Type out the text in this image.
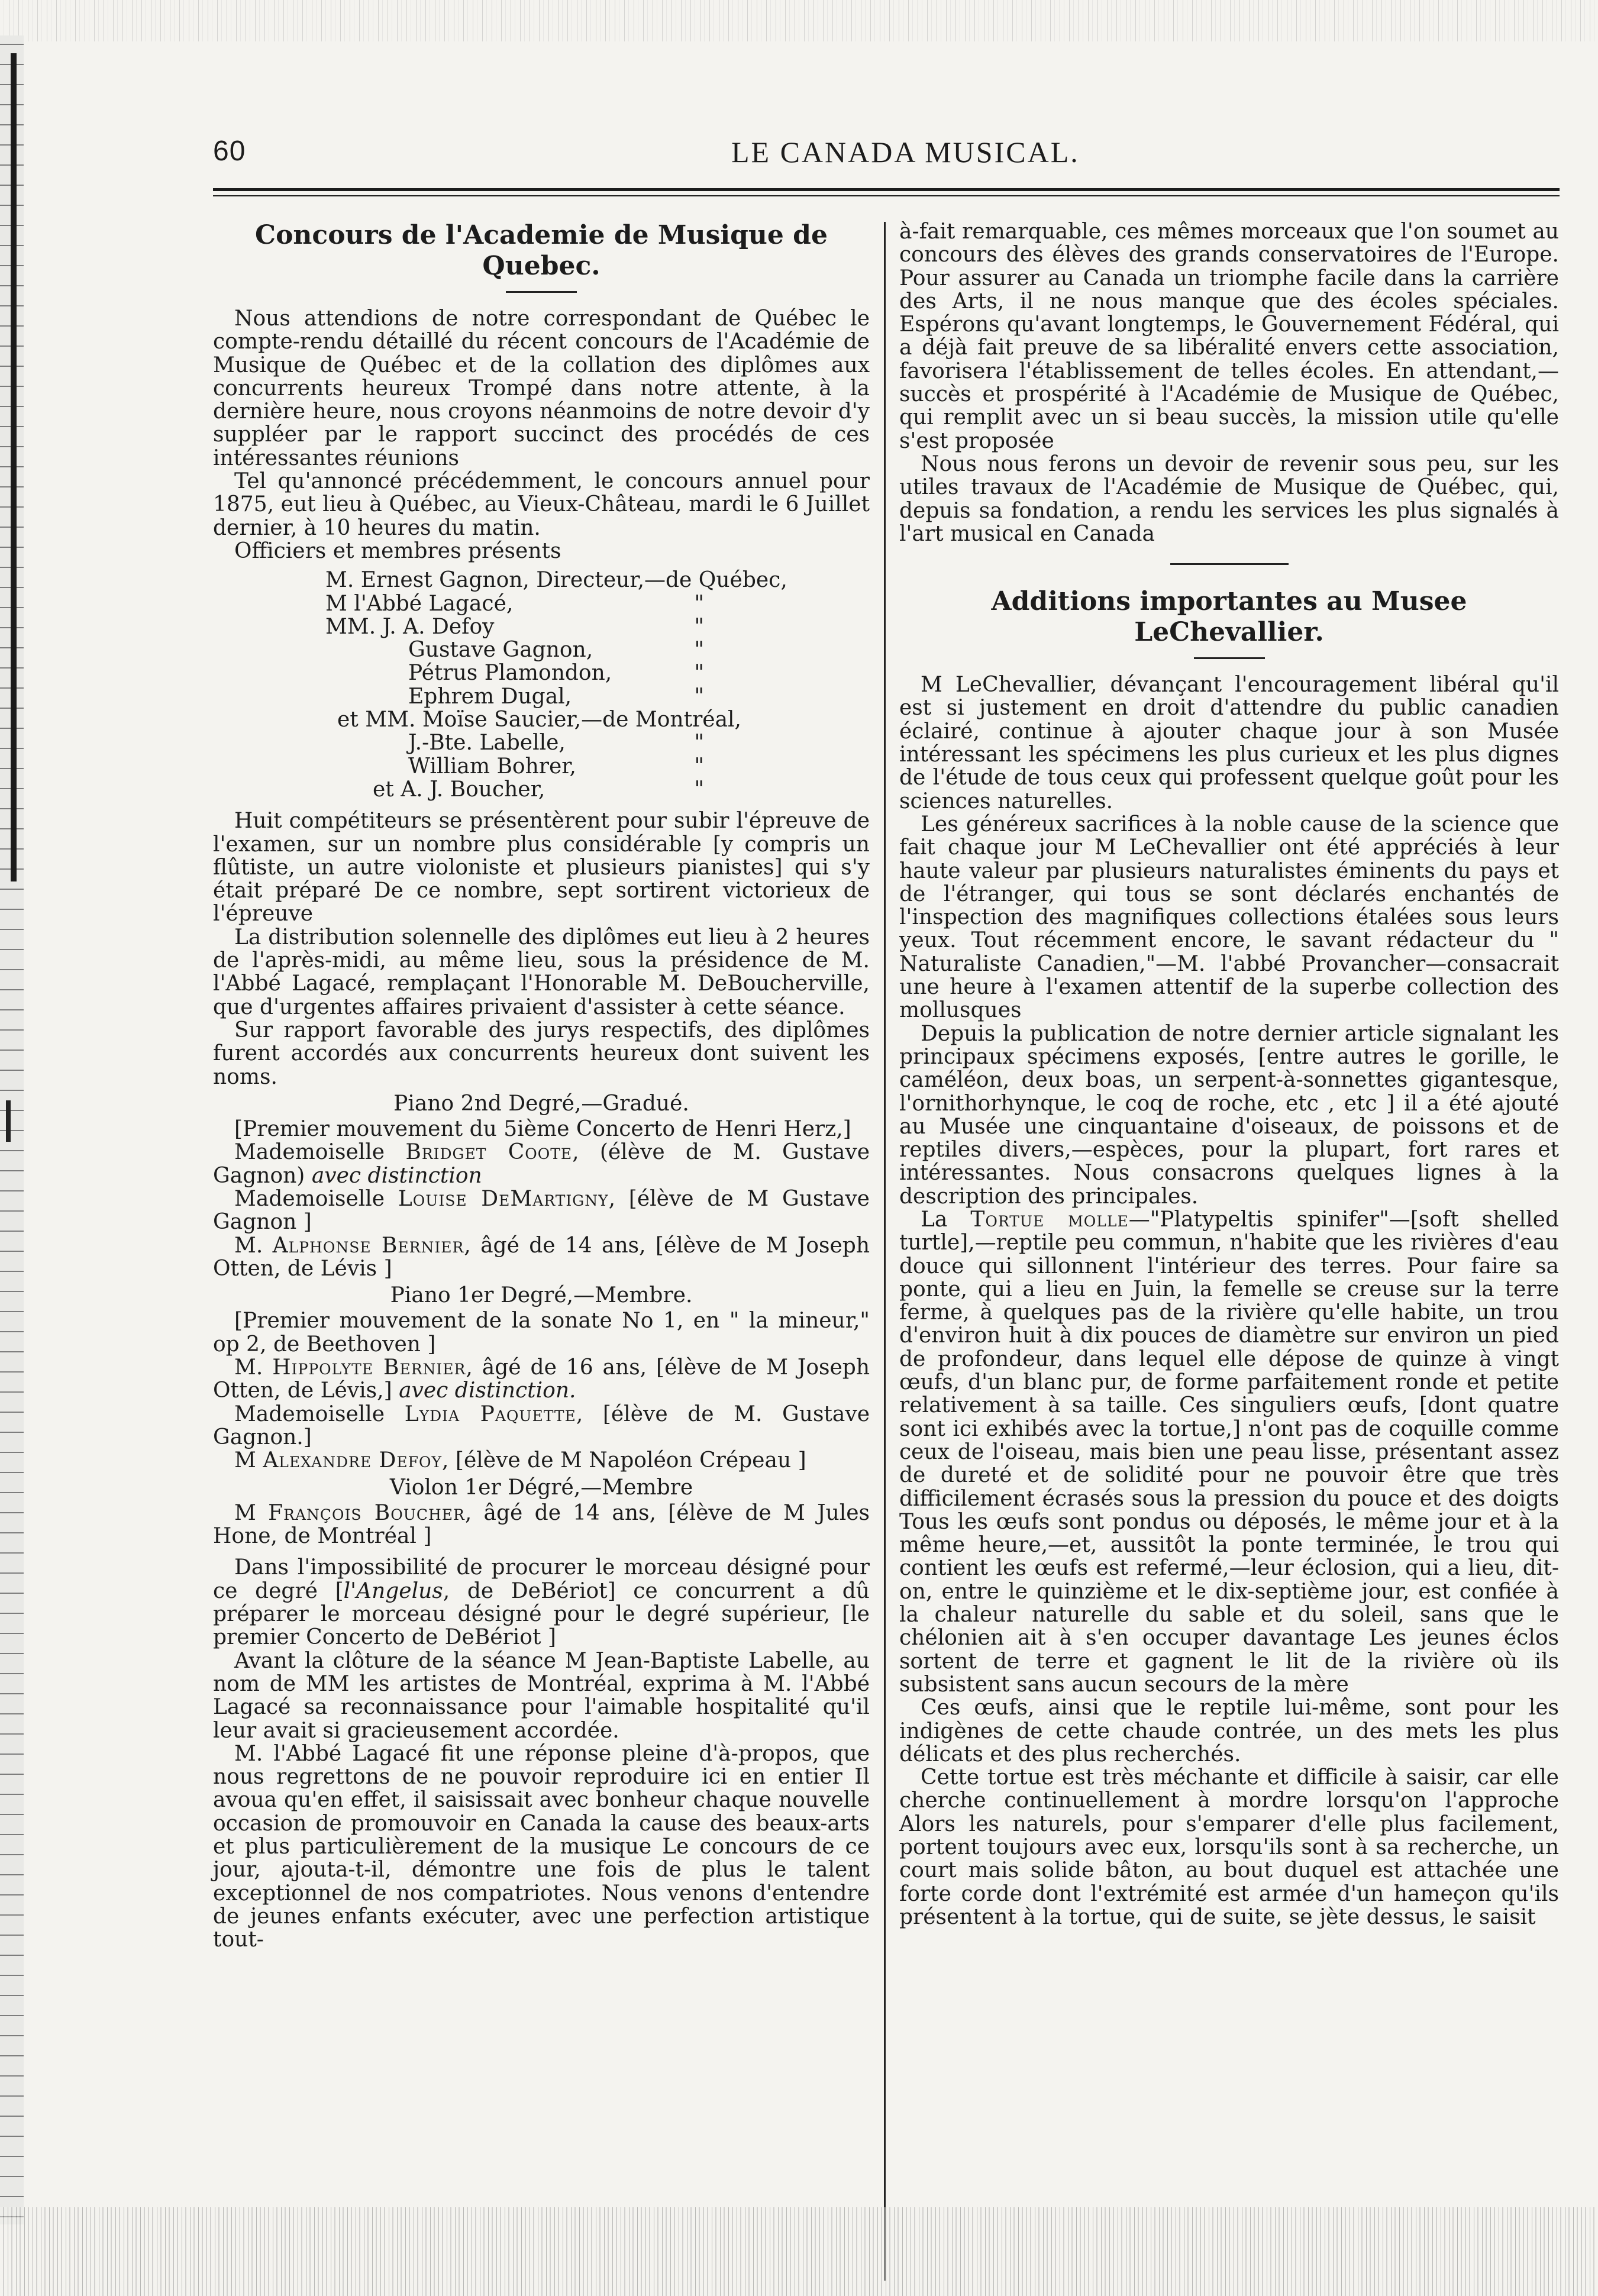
60	LE CANADA MUSICAL.
Concours de l'Academie de Musique de Quebec.

Nous attendions de notre correspondant de Québec le compte-rendu détaillé du récent concours de l'Académie de Musique de Québec et de la collation des diplômes aux concurrents heureux Trompé dans notre attente, à la dernière heure, nous croyons néanmoins de notre devoir d'y suppléer par le rapport succinct des procédés de ces intéressantes réunions

Tel qu'annoncé précédemment, le concours annuel pour 1875, eut lieu à Québec, au Vieux-Château, mardi le 6 Juillet dernier, à 10 heures du matin.

Officiers et membres présents

M. Ernest Gagnon, Directeur,—de Québec,
M l'Abbé Lagacé,	"
MM. J. A. Defoy	"
Gustave Gagnon,	"
Pétrus Plamondon,	"
Ephrem Dugal,	"
et MM. Moïse Saucier,—de Montréal,
J.-Bte. Labelle,	"
William Bohrer,	"
et A. J. Boucher,	"

Huit compétiteurs se présentèrent pour subir l'épreuve de l'examen, sur un nombre plus considérable [y compris un flûtiste, un autre violoniste et plusieurs pianistes] qui s'y était préparé De ce nombre, sept sortirent victorieux de l'épreuve

La distribution solennelle des diplômes eut lieu à 2 heures de l'après-midi, au même lieu, sous la présidence de M. l'Abbé Lagacé, remplaçant l'Honorable M. DeBoucherville, que d'urgentes affaires privaient d'assister à cette séance.

Sur rapport favorable des jurys respectifs, des diplômes furent accordés aux concurrents heureux dont suivent les noms.

Piano 2nd Degré,—Gradué.

[Premier mouvement du 5ième Concerto de Henri Herz,]

Mademoiselle Bridget Coote, (élève de M. Gustave Gagnon) avec distinction

Mademoiselle Louise DeMartigny, [élève de M Gustave Gagnon ]

M. Alphonse Bernier, âgé de 14 ans, [élève de M Joseph Otten, de Lévis ]

Piano 1er Degré,—Membre.

[Premier mouvement de la sonate No 1, en " la mineur," op 2, de Beethoven ]

M. Hippolyte Bernier, âgé de 16 ans, [élève de M Joseph Otten, de Lévis,] avec distinction.

Mademoiselle Lydia Paquette, [élève de M. Gustave Gagnon.]

M Alexandre Defoy, [élève de M Napoléon Crépeau ]

Violon 1er Dégré,—Membre

M François Boucher, âgé de 14 ans, [élève de M Jules Hone, de Montréal ]

Dans l'impossibilité de procurer le morceau désigné pour ce degré [l'Angelus, de DeBériot] ce concurrent a dû préparer le morceau désigné pour le degré supérieur, [le premier Concerto de DeBériot ]

Avant la clôture de la séance M Jean-Baptiste Labelle, au nom de MM les artistes de Montréal, exprima à M. l'Abbé Lagacé sa reconnaissance pour l'aimable hospitalité qu'il leur avait si gracieusement accordée.

M. l'Abbé Lagacé fit une réponse pleine d'à-propos, que nous regrettons de ne pouvoir reproduire ici en entier Il avoua qu'en effet, il saisissait avec bonheur chaque nouvelle occasion de promouvoir en Canada la cause des beaux-arts et plus particulièrement de la musique Le concours de ce jour, ajouta-t-il, démontre une fois de plus le talent exceptionnel de nos compatriotes. Nous venons d'entendre de jeunes enfants exécuter, avec une perfection artistique tout-

à-fait remarquable, ces mêmes morceaux que l'on soumet au concours des élèves des grands conservatoires de l'Europe. Pour assurer au Canada un triomphe facile dans la carrière des Arts, il ne nous manque que des écoles spéciales. Espérons qu'avant longtemps, le Gouvernement Fédéral, qui a déjà fait preuve de sa libéralité envers cette association, favorisera l'établissement de telles écoles. En attendant,—succès et prospérité à l'Académie de Musique de Québec, qui remplit avec un si beau succès, la mission utile qu'elle s'est proposée

Nous nous ferons un devoir de revenir sous peu, sur les utiles travaux de l'Académie de Musique de Québec, qui, depuis sa fondation, a rendu les services les plus signalés à l'art musical en Canada

Additions importantes au Musee LeChevallier.

M LeChevallier, dévançant l'encouragement libéral qu'il est si justement en droit d'attendre du public canadien éclairé, continue à ajouter chaque jour à son Musée intéressant les spécimens les plus curieux et les plus dignes de l'étude de tous ceux qui professent quelque goût pour les sciences naturelles.

Les généreux sacrifices à la noble cause de la science que fait chaque jour M LeChevallier ont été appréciés à leur haute valeur par plusieurs naturalistes éminents du pays et de l'étranger, qui tous se sont déclarés enchantés de l'inspection des magnifiques collections étalées sous leurs yeux. Tout récemment encore, le savant rédacteur du " Naturaliste Canadien,"—M. l'abbé Provancher—consacrait une heure à l'examen attentif de la superbe collection des mollusques

Depuis la publication de notre dernier article signalant les principaux spécimens exposés, [entre autres le gorille, le caméléon, deux boas, un serpent-à-sonnettes gigantesque, l'ornithorhynque, le coq de roche, etc , etc ] il a été ajouté au Musée une cinquantaine d'oiseaux, de poissons et de reptiles divers,—espèces, pour la plupart, fort rares et intéressantes. Nous consacrons quelques lignes à la description des principales.

La Tortue molle—"Platypeltis spinifer"—[soft shelled turtle],—reptile peu commun, n'habite que les rivières d'eau douce qui sillonnent l'intérieur des terres. Pour faire sa ponte, qui a lieu en Juin, la femelle se creuse sur la terre ferme, à quelques pas de la rivière qu'elle habite, un trou d'environ huit à dix pouces de diamètre sur environ un pied de profondeur, dans lequel elle dépose de quinze à vingt œufs, d'un blanc pur, de forme parfaitement ronde et petite relativement à sa taille. Ces singuliers œufs, [dont quatre sont ici exhibés avec la tortue,] n'ont pas de coquille comme ceux de l'oiseau, mais bien une peau lisse, présentant assez de dureté et de solidité pour ne pouvoir être que très difficilement écrasés sous la pression du pouce et des doigts Tous les œufs sont pondus ou déposés, le même jour et à la même heure,—et, aussitôt la ponte terminée, le trou qui contient les œufs est refermé,—leur éclosion, qui a lieu, dit-on, entre le quinzième et le dix-septième jour, est confiée à la chaleur naturelle du sable et du soleil, sans que le chélonien ait à s'en occuper davantage Les jeunes éclos sortent de terre et gagnent le lit de la rivière où ils subsistent sans aucun secours de la mère

Ces œufs, ainsi que le reptile lui-même, sont pour les indigènes de cette chaude contrée, un des mets les plus délicats et des plus recherchés.

Cette tortue est très méchante et difficile à saisir, car elle cherche continuellement à mordre lorsqu'on l'approche Alors les naturels, pour s'emparer d'elle plus facilement, portent toujours avec eux, lorsqu'ils sont à sa recherche, un court mais solide bâton, au bout duquel est attachée une forte corde dont l'extrémité est armée d'un hameçon qu'ils présentent à la tortue, qui de suite, se jète dessus, le saisit
